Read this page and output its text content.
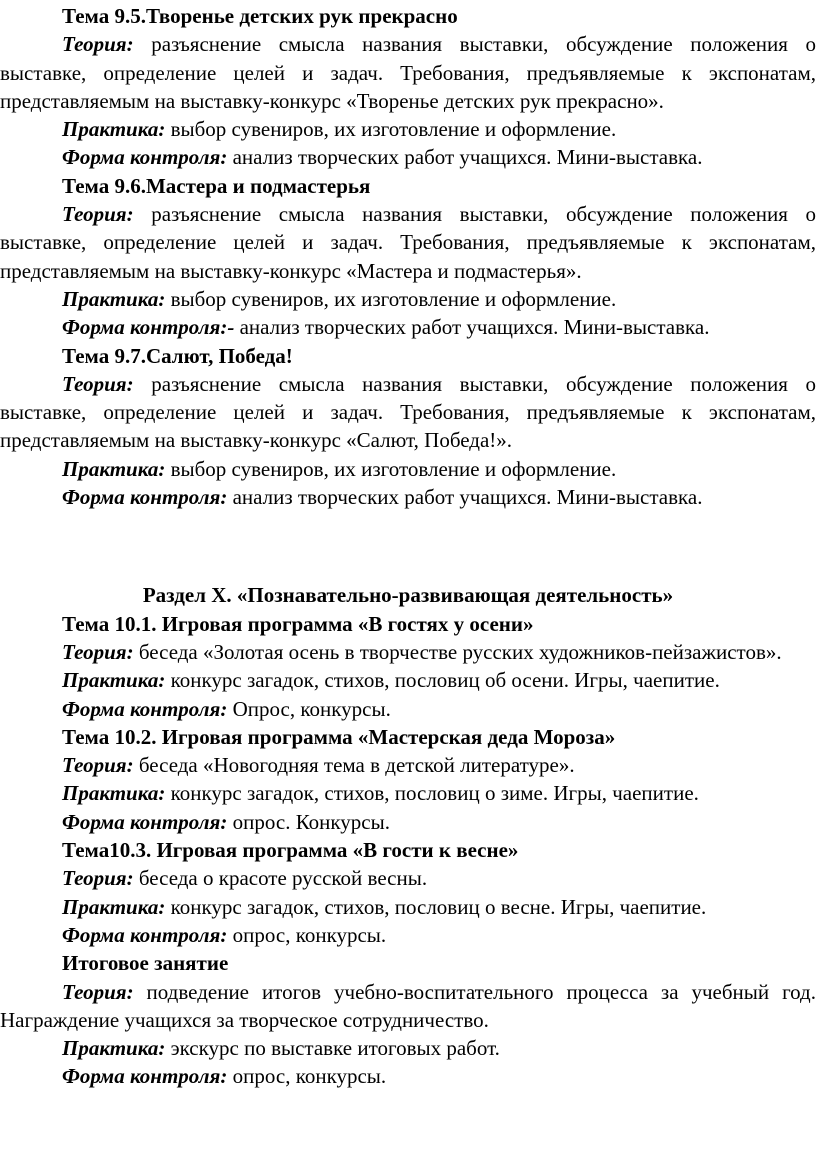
Тема 9.5.Творенье детских рук прекрасно

Теория: разъяснение смысла названия выставки, обсуждение положения о выставке, определение целей и задач. Требования, предъявляемые к экспонатам, представляемым на выставку-конкурс «Творенье детских рук прекрасно».

Практика: выбор сувениров, их изготовление и оформление.

Форма контроля: анализ творческих работ учащихся. Мини-выставка.

Тема 9.6.Мастера и подмастерья

Теория: разъяснение смысла названия выставки, обсуждение положения о выставке, определение целей и задач. Требования, предъявляемые к экспонатам, представляемым на выставку-конкурс «Мастера и подмастерья».

Практика: выбор сувениров, их изготовление и оформление.

Форма контроля:- анализ творческих работ учащихся. Мини-выставка.

Тема 9.7.Салют, Победа!

Теория: разъяснение смысла названия выставки, обсуждение положения о выставке, определение целей и задач. Требования, предъявляемые к экспонатам, представляемым на выставку-конкурс «Салют, Победа!».

Практика: выбор сувениров, их изготовление и оформление.

Форма контроля: анализ творческих работ учащихся. Мини-выставка.

Раздел Х. «Познавательно-развивающая деятельность»

Тема 10.1. Игровая программа «В гостях у осени»

Теория: беседа «Золотая осень в творчестве русских художников-пейзажистов».

Практика: конкурс загадок, стихов, пословиц об осени. Игры, чаепитие.

Форма контроля: Опрос, конкурсы.

Тема 10.2. Игровая программа «Мастерская деда Мороза»

Теория: беседа «Новогодняя тема в детской литературе».

Практика: конкурс загадок, стихов, пословиц о зиме. Игры, чаепитие.

Форма контроля: опрос. Конкурсы.

Тема10.3. Игровая программа «В гости к весне»

Теория: беседа о красоте русской весны.

Практика: конкурс загадок, стихов, пословиц о весне. Игры, чаепитие.

Форма контроля: опрос, конкурсы.

Итоговое занятие

Теория: подведение итогов учебно-воспитательного процесса за учебный год. Награждение учащихся за творческое сотрудничество.

Практика: экскурс по выставке итоговых работ.

Форма контроля: опрос, конкурсы.
